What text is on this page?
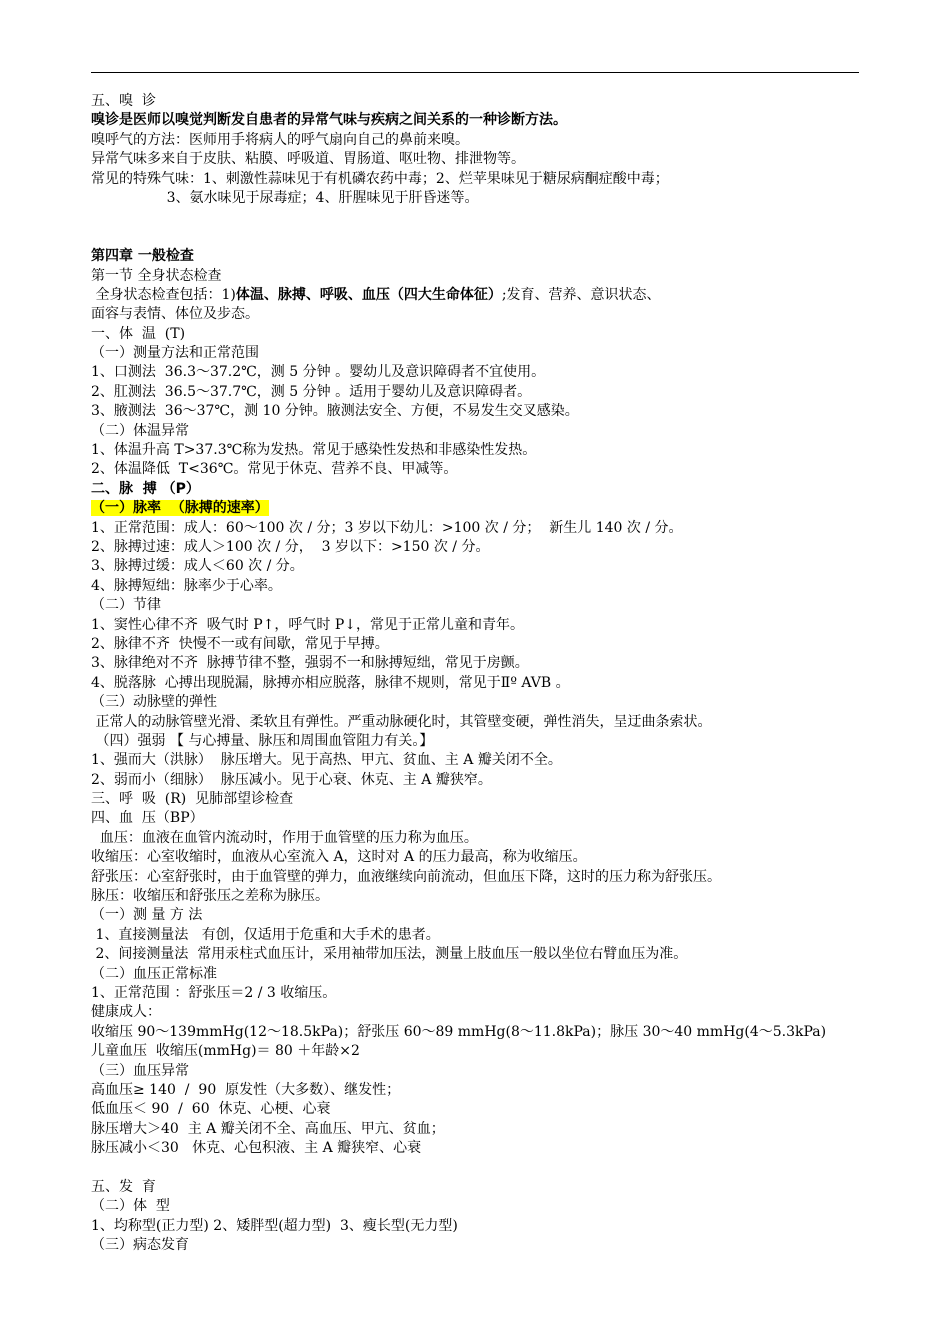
五、嗅  诊
嗅诊是医师以嗅觉判断发自患者的异常气味与疾病之间关系的一种诊断方法。
嗅呼气的方法：医师用手将病人的呼气扇向自己的鼻前来嗅。
异常气味多来自于皮肤、粘膜、呼吸道、胃肠道、呕吐物、排泄物等。
常见的特殊气味：1、刺激性蒜味见于有机磷农药中毒；2、烂苹果味见于糖尿病酮症酸中毒；
3、氨水味见于尿毒症；4、肝腥味见于肝昏迷等。
第四章 一般检查
第一节 全身状态检查
全身状态检查包括：1)体温、脉搏、呼吸、血压（四大生命体征）;发育、营养、意识状态、
面容与表情、体位及步态。
一、体  温  (T)
（一）测量方法和正常范围
1、口测法  36.3～37.2℃，测 5 分钟 。婴幼儿及意识障碍者不宜使用。
2、肛测法  36.5～37.7℃，测 5 分钟 。适用于婴幼儿及意识障碍者。
3、腋测法  36～37℃，测 10 分钟。腋测法安全、方便，不易发生交叉感染。
（二）体温异常
1、体温升高 T>37.3℃称为发热。常见于感染性发热和非感染性发热。
2、体温降低  T<36℃。常见于休克、营养不良、甲减等。
二、脉  搏 （P）
（一）脉率  （脉搏的速率）
1、正常范围：成人：60～100 次 / 分；3 岁以下幼儿：>100 次 / 分；  新生儿 140 次 / 分。
2、脉搏过速：成人＞100 次 / 分，  3 岁以下：>150 次 / 分。
3、脉搏过缓：成人＜60 次 / 分。
4、脉搏短绌：脉率少于心率。
（二）节律
1、窦性心律不齐  吸气时 P↑，呼气时 P↓，常见于正常儿童和青年。
2、脉律不齐  快慢不一或有间歇，常见于早搏。
3、脉律绝对不齐  脉搏节律不整，强弱不一和脉搏短绌，常见于房颤。
4、脱落脉  心搏出现脱漏，脉搏亦相应脱落，脉律不规则，常见于Ⅱº AVB 。
（三）动脉壁的弹性
正常人的动脉管壁光滑、柔软且有弹性。严重动脉硬化时，其管壁变硬，弹性消失，呈迂曲条索状。
（四）强弱 【 与心搏量、脉压和周围血管阻力有关。】
1、强而大（洪脉）  脉压增大。见于高热、甲亢、贫血、主 A 瓣关闭不全。
2、弱而小（细脉）  脉压减小。见于心衰、休克、主 A 瓣狭窄。
三、呼  吸  (R)  见肺部望诊检查
四、血  压（BP）
血压：血液在血管内流动时，作用于血管壁的压力称为血压。
收缩压：心室收缩时，血液从心室流入 A，这时对 A 的压力最高，称为收缩压。
舒张压：心室舒张时，由于血管壁的弹力，血液继续向前流动，但血压下降，这时的压力称为舒张压。
脉压：收缩压和舒张压之差称为脉压。
（一）测 量 方 法
1、直接测量法   有创，仅适用于危重和大手术的患者。
2、间接测量法  常用汞柱式血压计，采用袖带加压法，测量上肢血压一般以坐位右臂血压为准。
（二）血压正常标准
1、正常范围 ：舒张压＝2 / 3 收缩压。
健康成人：
收缩压 90～139mmHg(12～18.5kPa)；舒张压 60～89 mmHg(8～11.8kPa)；脉压 30～40 mmHg(4～5.3kPa)
儿童血压  收缩压(mmHg)＝ 80 ＋年龄×2
（三）血压异常
高血压≥ 140  /  90  原发性（大多数）、继发性；
低血压＜ 90  /  60  休克、心梗、心衰
脉压增大＞40  主 A 瓣关闭不全、高血压、甲亢、贫血；
脉压减小＜30   休克、心包积液、主 A 瓣狭窄、心衰
五、发  育
（二）体  型
1、均称型(正力型) 2、矮胖型(超力型)  3、瘦长型(无力型)
（三）病态发育
